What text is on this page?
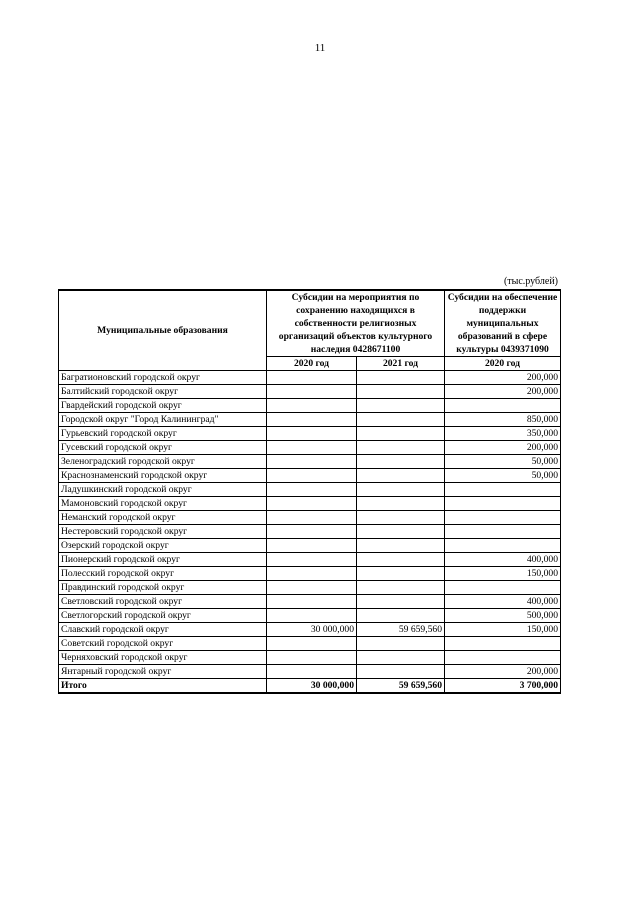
11
(тыс.рублей)
Муниципальные образования	Субсидии на мероприятия по сохранению находящихся в собственности религиозных организаций объектов культурного наследия 0428671100		Субсидии на обеспечение поддержки муниципальных образований в сфере культуры 0439371090
	2020 год	2021 год	2020 год
Багратионовский городской округ			200,000
Балтийский городской округ			200,000
Гвардейский городской округ			
Городской округ "Город Калининград"			850,000
Гурьевский городской округ			350,000
Гусевский городской округ			200,000
Зеленоградский городской округ			50,000
Краснознаменский городской округ			50,000
Ладушкинский городской округ			
Мамоновский городской округ			
Неманский городской округ			
Нестеровский городской округ			
Озерский городской округ			
Пионерский городской округ			400,000
Полесский городской округ			150,000
Правдинский городской округ			
Светловский городской округ			400,000
Светлогорский городской округ			500,000
Славский городской округ	30 000,000	59 659,560	150,000
Советский городской округ			
Черняховский городской округ			
Янтарный городской округ			200,000
Итого	30 000,000	59 659,560	3 700,000
